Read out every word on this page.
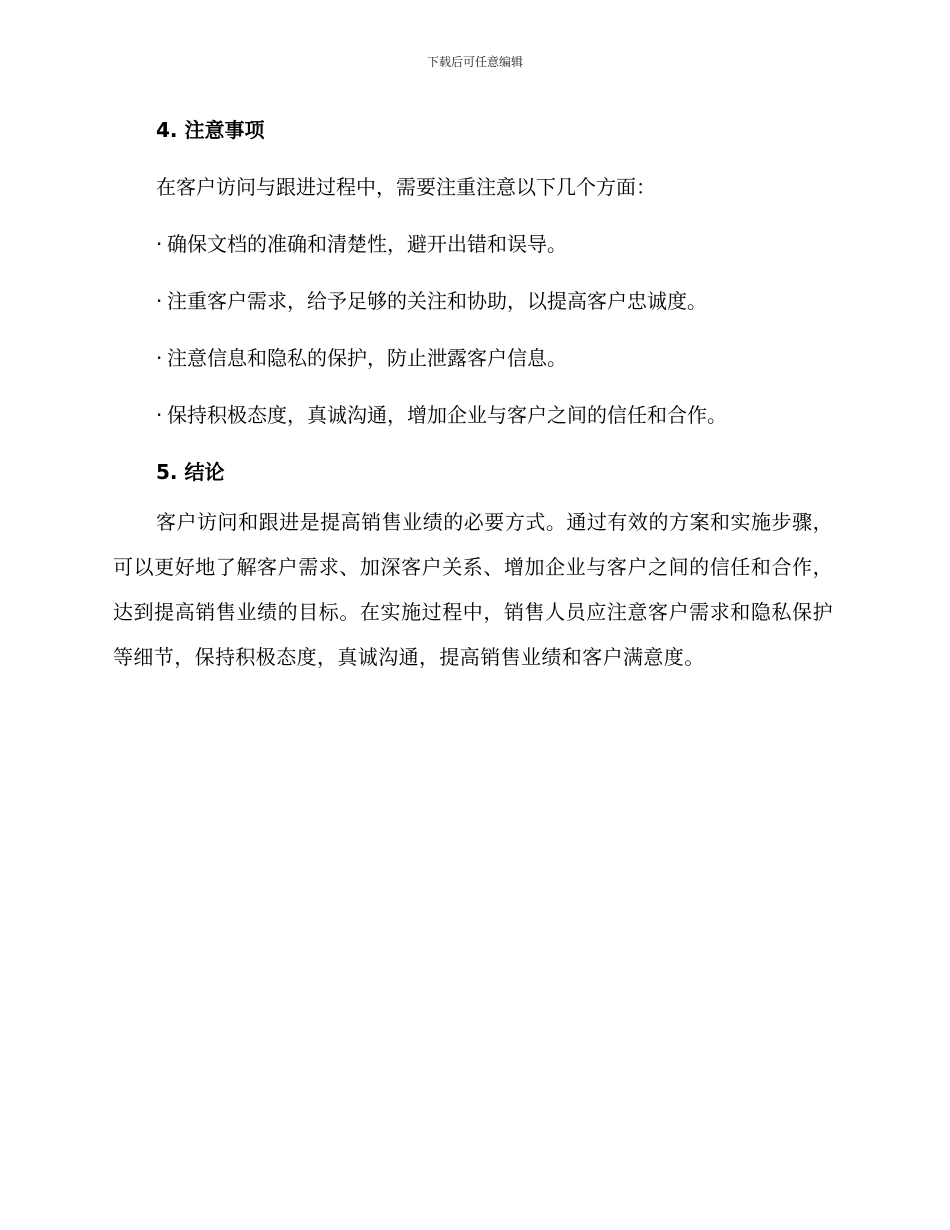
下载后可任意编辑
4. 注意事项
在客户访问与跟进过程中，需要注重注意以下几个方面：
· 确保文档的准确和清楚性，避开出错和误导。
· 注重客户需求，给予足够的关注和协助，以提高客户忠诚度。
· 注意信息和隐私的保护，防止泄露客户信息。
· 保持积极态度，真诚沟通，增加企业与客户之间的信任和合作。
5. 结论

客户访问和跟进是提高销售业绩的必要方式。通过有效的方案和实施步骤，可以更好地了解客户需求、加深客户关系、增加企业与客户之间的信任和合作，达到提高销售业绩的目标。在实施过程中，销售人员应注意客户需求和隐私保护等细节，保持积极态度，真诚沟通，提高销售业绩和客户满意度。
